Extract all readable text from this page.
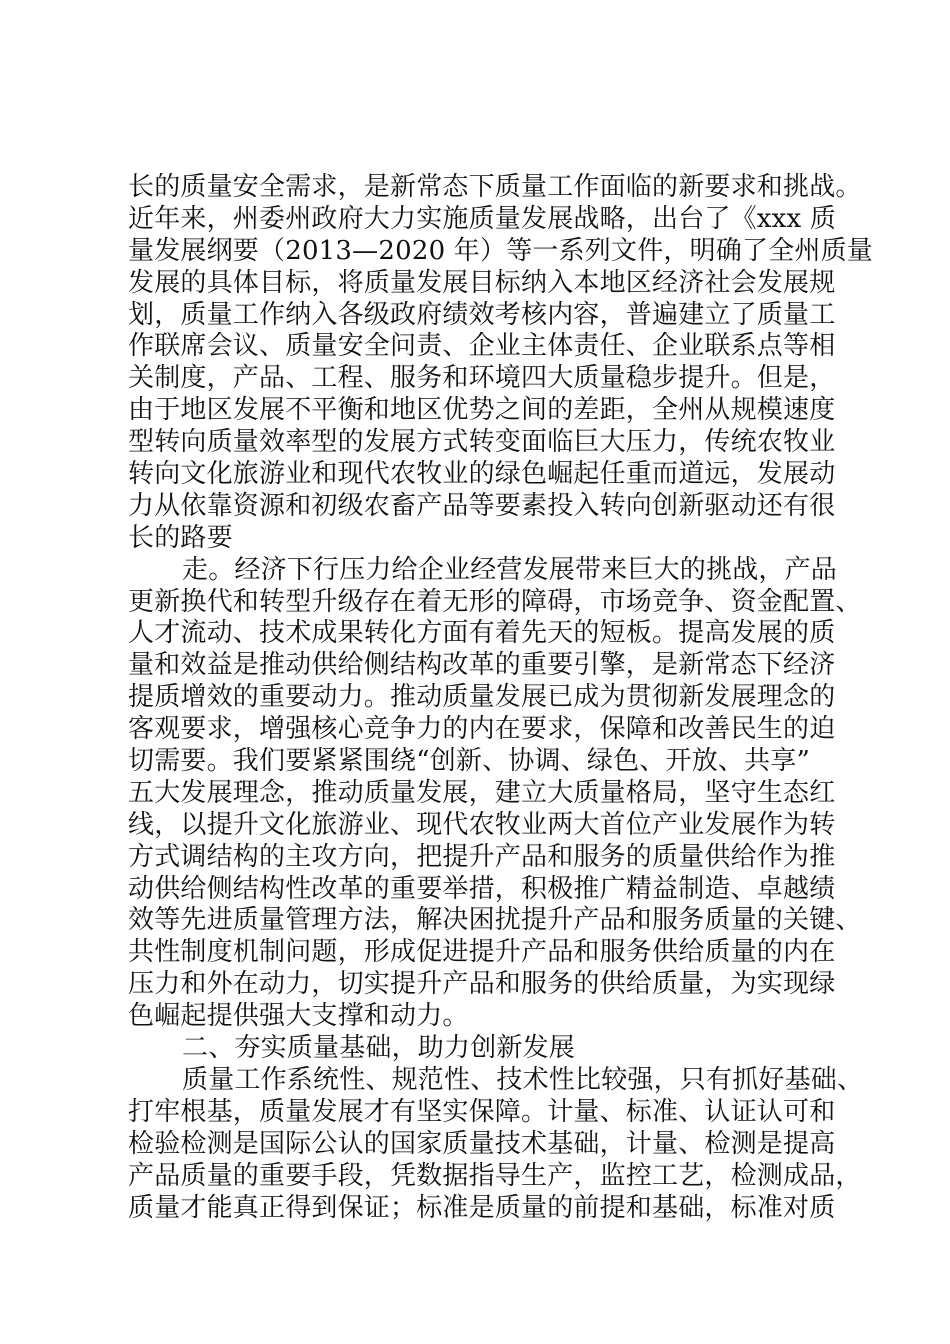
长的质量安全需求，是新常态下质量工作面临的新要求和挑战。
近年来，州委州政府大力实施质量发展战略，出台了《xxx 质
量发展纲要（2013—2020 年）等一系列文件，明确了全州质量
发展的具体目标，将质量发展目标纳入本地区经济社会发展规
划，质量工作纳入各级政府绩效考核内容，普遍建立了质量工
作联席会议、质量安全问责、企业主体责任、企业联系点等相
关制度，产品、工程、服务和环境四大质量稳步提升。但是，
由于地区发展不平衡和地区优势之间的差距，全州从规模速度
型转向质量效率型的发展方式转变面临巨大压力，传统农牧业
转向文化旅游业和现代农牧业的绿色崛起任重而道远，发展动
力从依靠资源和初级农畜产品等要素投入转向创新驱动还有很
长的路要
走。经济下行压力给企业经营发展带来巨大的挑战，产品
更新换代和转型升级存在着无形的障碍，市场竞争、资金配置、
人才流动、技术成果转化方面有着先天的短板。提高发展的质
量和效益是推动供给侧结构改革的重要引擎，是新常态下经济
提质增效的重要动力。推动质量发展已成为贯彻新发展理念的
客观要求，增强核心竞争力的内在要求，保障和改善民生的迫
切需要。我们要紧紧围绕“创新、协调、绿色、开放、共享”
五大发展理念，推动质量发展，建立大质量格局，坚守生态红
线，以提升文化旅游业、现代农牧业两大首位产业发展作为转
方式调结构的主攻方向，把提升产品和服务的质量供给作为推
动供给侧结构性改革的重要举措，积极推广精益制造、卓越绩
效等先进质量管理方法，解决困扰提升产品和服务质量的关键、
共性制度机制问题，形成促进提升产品和服务供给质量的内在
压力和外在动力，切实提升产品和服务的供给质量，为实现绿
色崛起提供强大支撑和动力。
二、夯实质量基础，助力创新发展
质量工作系统性、规范性、技术性比较强，只有抓好基础、
打牢根基，质量发展才有坚实保障。计量、标准、认证认可和
检验检测是国际公认的国家质量技术基础，计量、检测是提高
产品质量的重要手段，凭数据指导生产，监控工艺，检测成品，
质量才能真正得到保证；标准是质量的前提和基础，标准对质
